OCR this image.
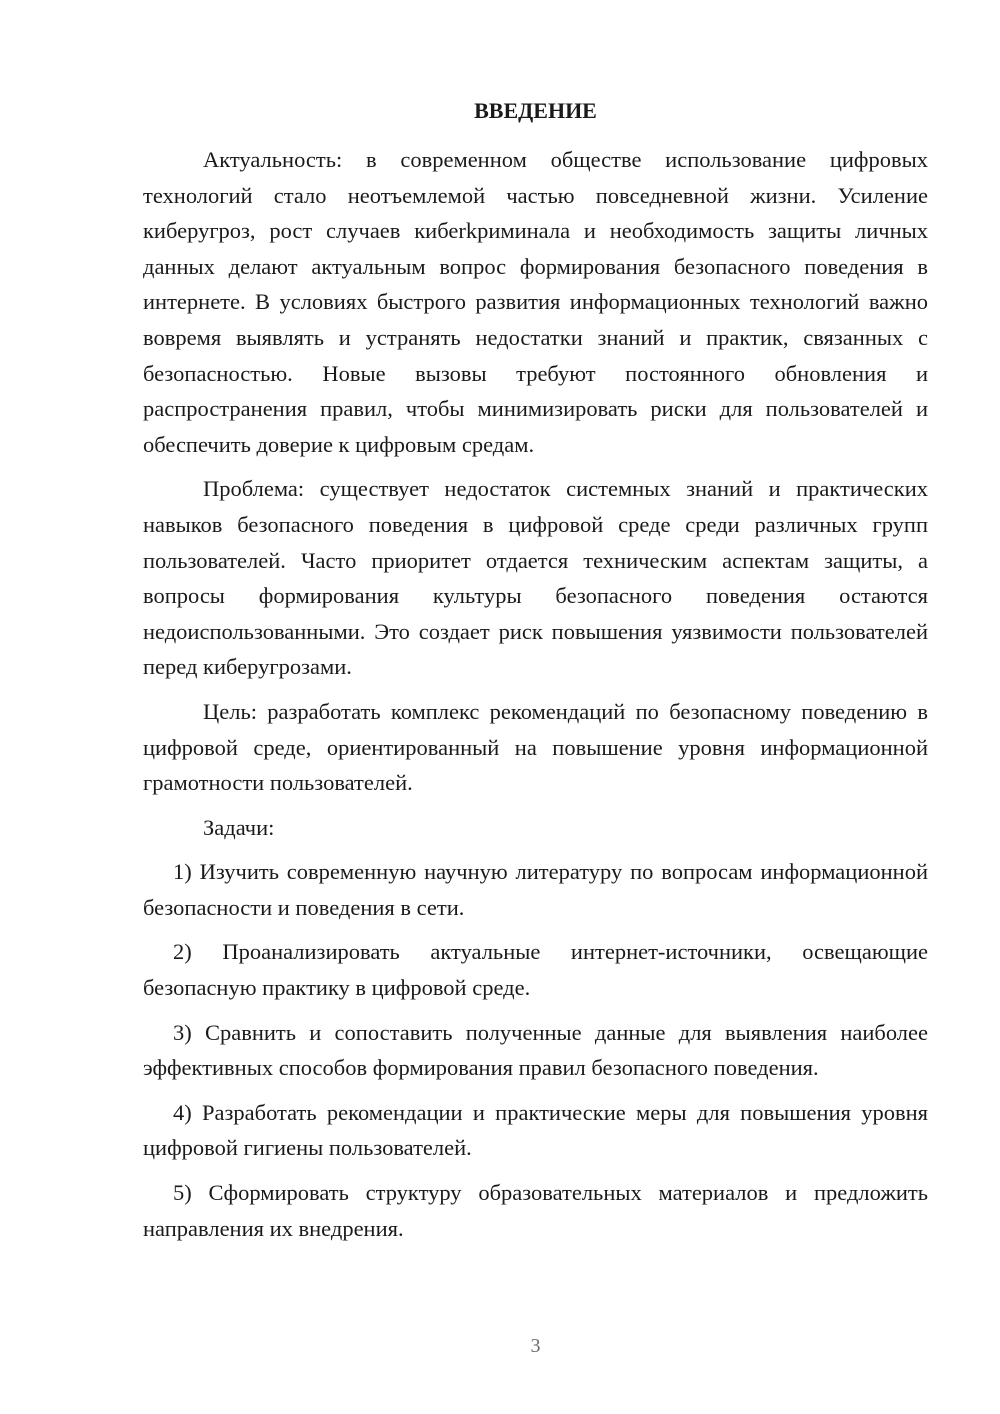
ВВЕДЕНИЕ

Актуальность: в современном обществе использование цифровых технологий стало неотъемлемой частью повседневной жизни. Усиление киберугроз, рост случаев кибеrkриминала и необходимость защиты личных данных делают актуальным вопрос формирования безопасного поведения в интернете. В условиях быстрого развития информационных технологий важно вовремя выявлять и устранять недостатки знаний и практик, связанных с безопасностью. Новые вызовы требуют постоянного обновления и распространения правил, чтобы минимизировать риски для пользователей и обеспечить доверие к цифровым средам.

Проблема: существует недостаток системных знаний и практических навыков безопасного поведения в цифровой среде среди различных групп пользователей. Часто приоритет отдается техническим аспектам защиты, а вопросы формирования культуры безопасного поведения остаются недоиспользованными. Это создает риск повышения уязвимости пользователей перед киберугрозами.

Цель: разработать комплекс рекомендаций по безопасному поведению в цифровой среде, ориентированный на повышение уровня информационной грамотности пользователей.

Задачи:

1) Изучить современную научную литературу по вопросам информационной безопасности и поведения в сети.

2) Проанализировать актуальные интернет-источники, освещающие безопасную практику в цифровой среде.

3) Сравнить и сопоставить полученные данные для выявления наиболее эффективных способов формирования правил безопасного поведения.

4) Разработать рекомендации и практические меры для повышения уровня цифровой гигиены пользователей.

5) Сформировать структуру образовательных материалов и предложить направления их внедрения.

3
